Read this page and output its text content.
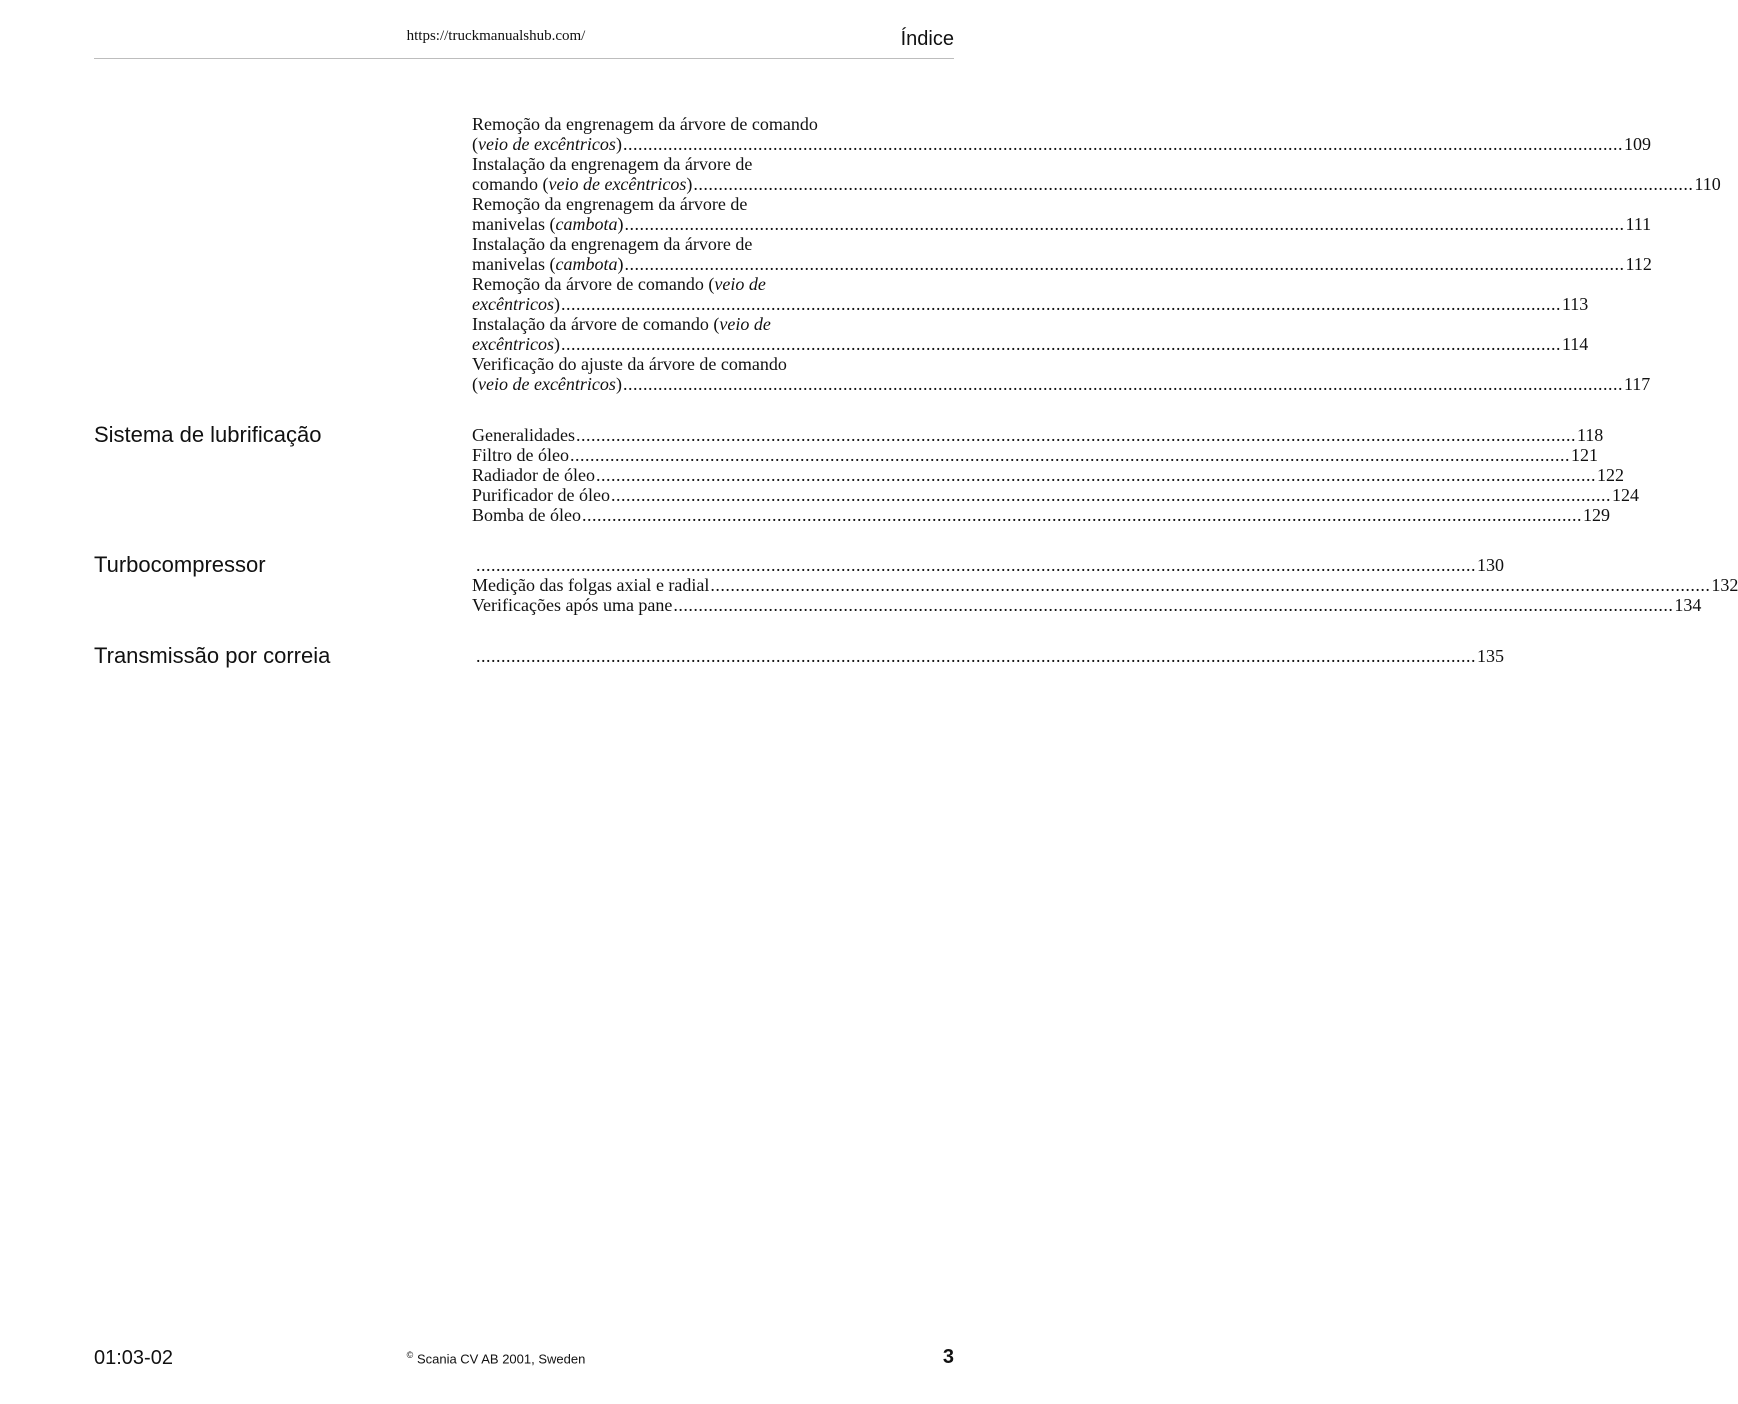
https://truckmanualshub.com/	Índice
Remoção da engrenagem da árvore de comando
(veio de excêntricos) ........................................................................................................................................................................................................ 109
Instalação da engrenagem da árvore de
comando (veio de excêntricos) ........................................................................................................................................................................................................ 110
Remoção da engrenagem da árvore de
manivelas (cambota) ........................................................................................................................................................................................................ 111
Instalação da engrenagem da árvore de
manivelas (cambota) ........................................................................................................................................................................................................ 112
Remoção da árvore de comando (veio de
excêntricos) ........................................................................................................................................................................................................ 113
Instalação da árvore de comando (veio de
excêntricos) ........................................................................................................................................................................................................ 114
Verificação do ajuste da árvore de comando
(veio de excêntricos) ........................................................................................................................................................................................................ 117
Sistema de lubrificação	Generalidades ........................................................................................................................................................................................................ 118
Filtro de óleo ........................................................................................................................................................................................................ 121
Radiador de óleo ........................................................................................................................................................................................................ 122
Purificador de óleo ........................................................................................................................................................................................................ 124
Bomba de óleo ........................................................................................................................................................................................................ 129
Turbocompressor	........................................................................................................................................................................................................ 130
Medição das folgas axial e radial ........................................................................................................................................................................................................ 132
Verificações após uma pane ........................................................................................................................................................................................................ 134
Transmissão por correia	........................................................................................................................................................................................................ 135
01:03-02	© Scania CV AB 2001, Sweden	3
